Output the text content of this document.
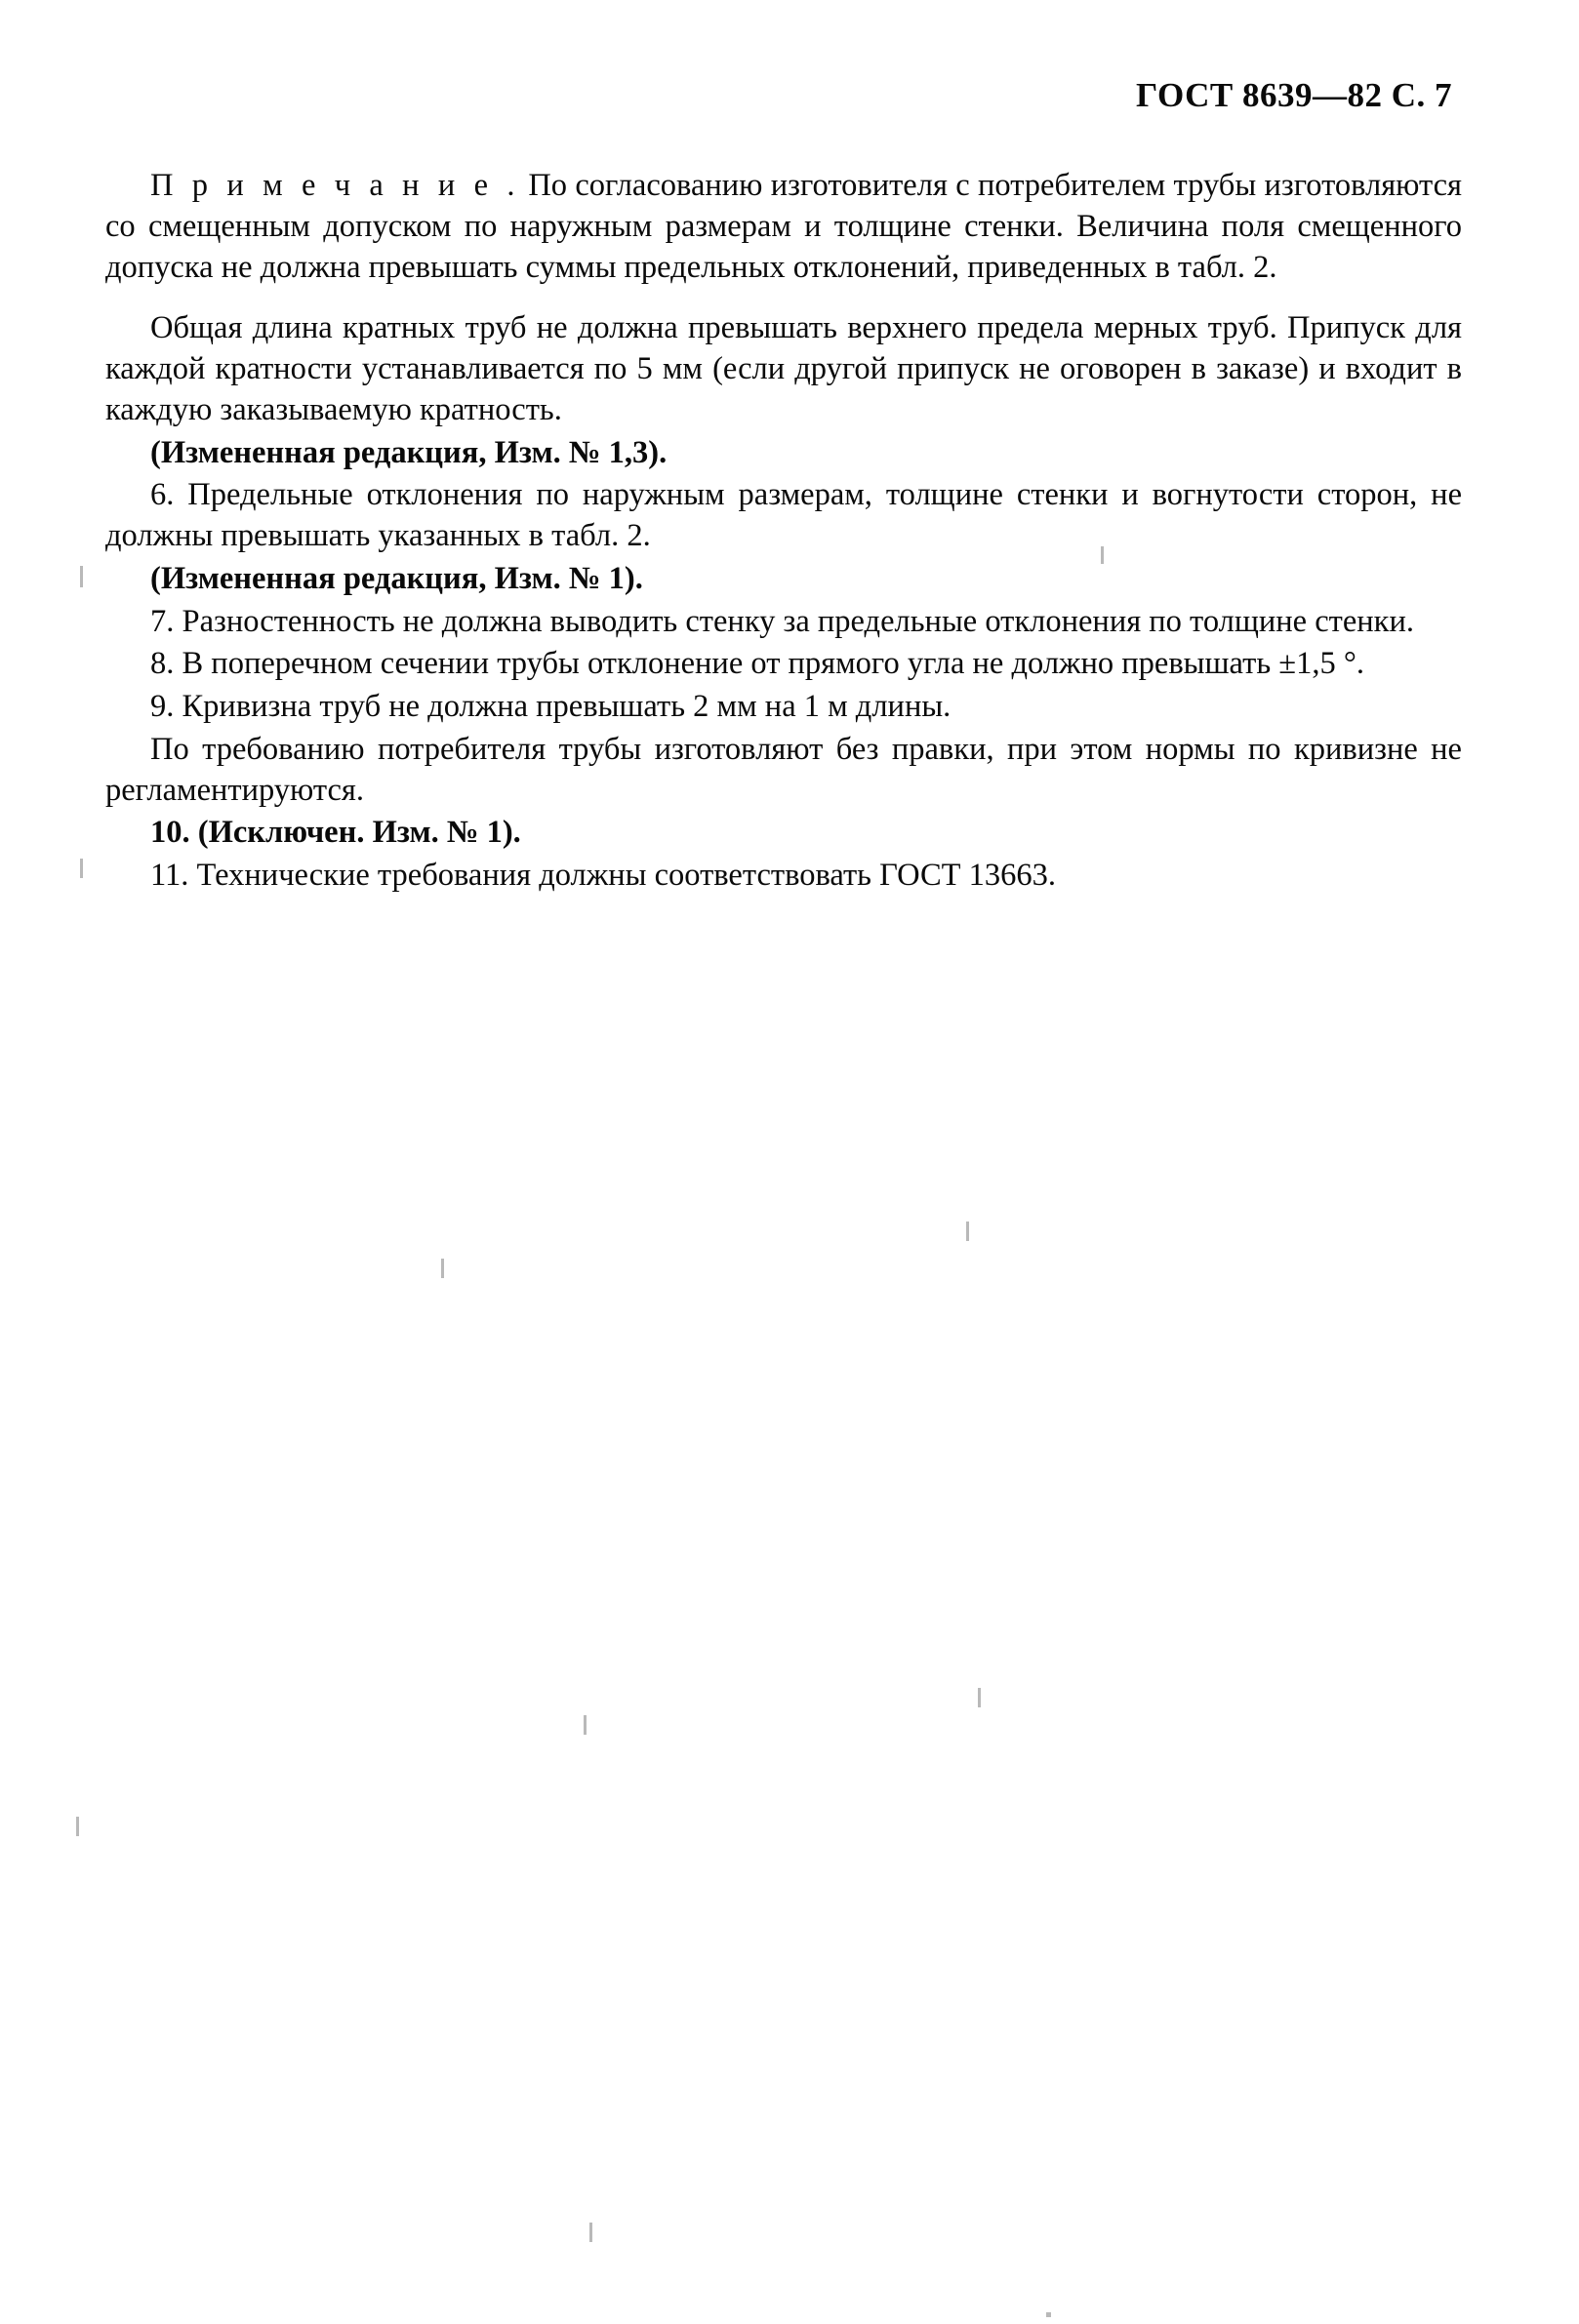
ГОСТ 8639—82 С. 7

П р и м е ч а н и е . По согласованию изготовителя с потребителем трубы изготовляются со смещенным допуском по наружным размерам и толщине стенки. Величина поля смещенного допуска не должна превышать суммы предельных отклонений, приведенных в табл. 2.

Общая длина кратных труб не должна превышать верхнего предела мерных труб. Припуск для каждой кратности устанавливается по 5 мм (если другой припуск не оговорен в заказе) и входит в каждую заказываемую кратность.

(Измененная редакция, Изм. № 1,3).

6. Предельные отклонения по наружным размерам, толщине стенки и вогнутости сторон, не должны превышать указанных в табл. 2.

(Измененная редакция, Изм. № 1).

7. Разностенность не должна выводить стенку за предельные отклонения по толщине стенки.

8. В поперечном сечении трубы отклонение от прямого угла не должно превышать ±1,5 °.

9. Кривизна труб не должна превышать 2 мм на 1 м длины.

По требованию потребителя трубы изготовляют без правки, при этом нормы по кривизне не регламентируются.

10. (Исключен. Изм. № 1).

11. Технические требования должны соответствовать ГОСТ 13663.
